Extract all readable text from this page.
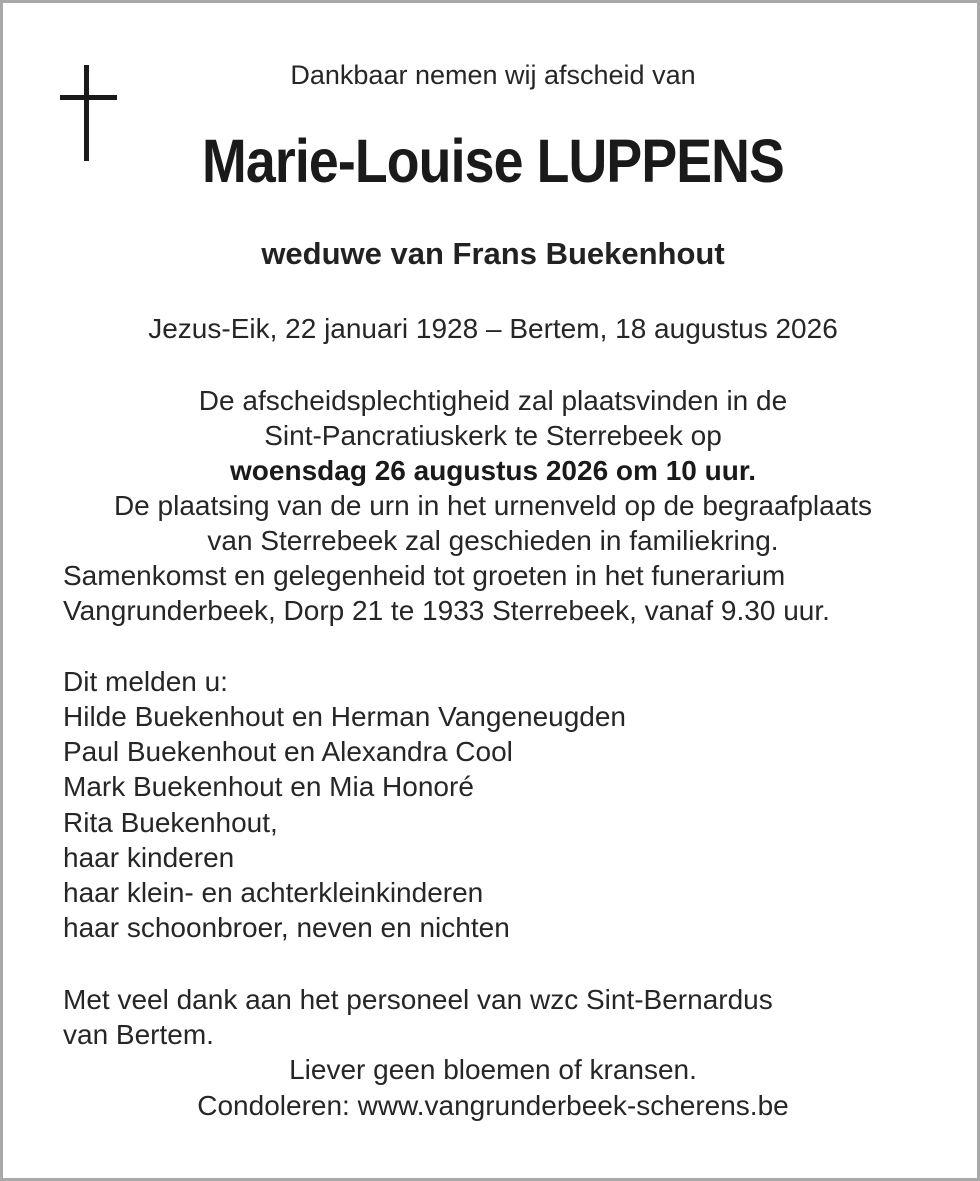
Dankbaar nemen wij afscheid van
Marie-Louise LUPPENS
weduwe van Frans Buekenhout
Jezus-Eik, 22 januari 1928 – Bertem, 18 augustus 2026
De afscheidsplechtigheid zal plaatsvinden in de
Sint-Pancratiuskerk te Sterrebeek op
woensdag 26 augustus 2026 om 10 uur.
De plaatsing van de urn in het urnenveld op de begraafplaats
van Sterrebeek zal geschieden in familiekring.
Samenkomst en gelegenheid tot groeten in het funerarium
Vangrunderbeek, Dorp 21 te 1933 Sterrebeek, vanaf 9.30 uur.
Dit melden u:
Hilde Buekenhout en Herman Vangeneugden
Paul Buekenhout en Alexandra Cool
Mark Buekenhout en Mia Honoré
Rita Buekenhout,
haar kinderen
haar klein- en achterkleinkinderen
haar schoonbroer, neven en nichten
Met veel dank aan het personeel van wzc Sint-Bernardus
van Bertem.
Liever geen bloemen of kransen.
Condoleren: www.vangrunderbeek-scherens.be
